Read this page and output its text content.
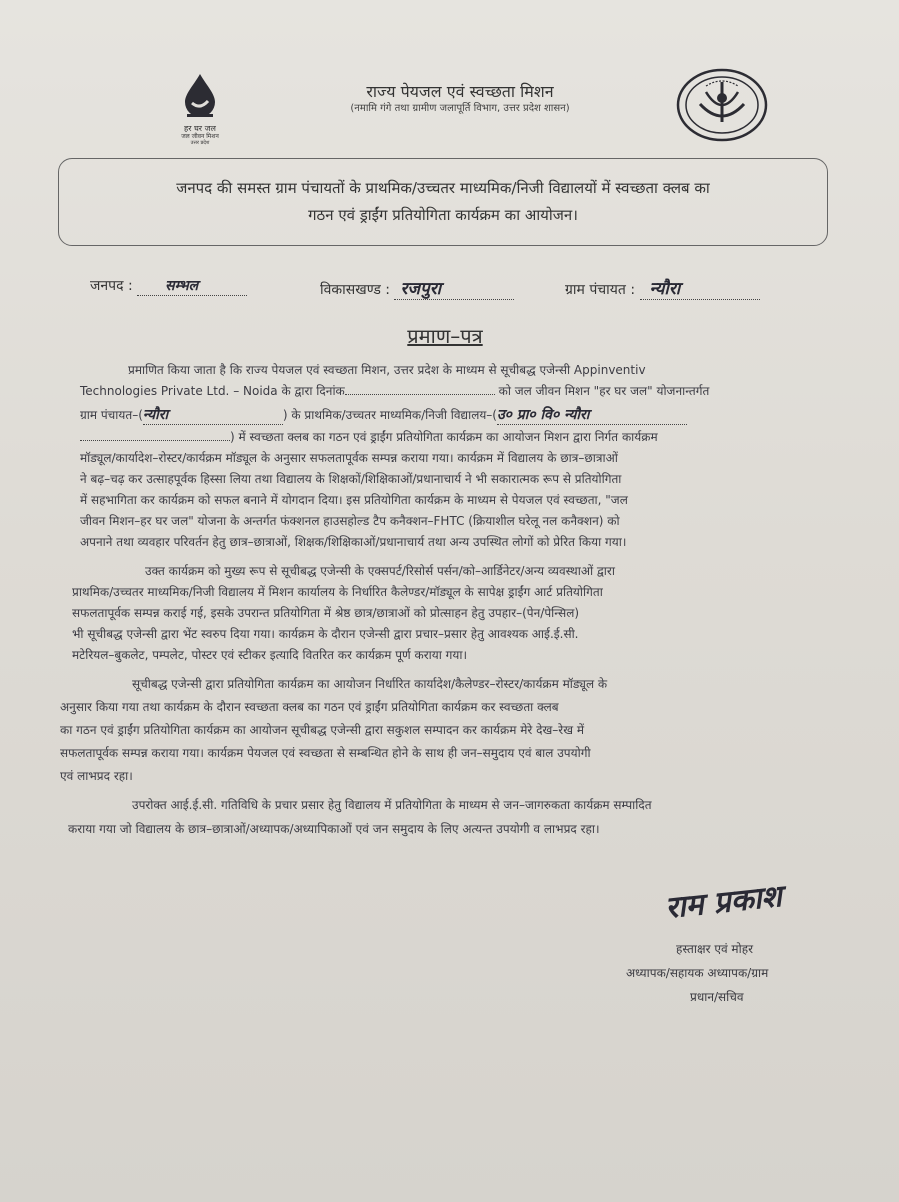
हर घर जल
जल जीवन मिशन
उत्तर प्रदेश
राज्य पेयजल एवं स्वच्छता मिशन
(नमामि गंगे तथा ग्रामीण जलापूर्ति विभाग, उत्तर प्रदेश शासन)
जनपद की समस्त ग्राम पंचायतों के प्राथमिक/उच्चतर माध्यमिक/निजी विद्यालयों में स्वच्छता क्लब का
गठन एवं ड्राईंग प्रतियोगिता कार्यक्रम का आयोजन।
जनपद : सम्भल	विकासखण्ड : रजपुरा	ग्राम पंचायत : न्यौरा
प्रमाण–पत्र
प्रमाणित किया जाता है कि राज्य पेयजल एवं स्वच्छता मिशन, उत्तर प्रदेश के माध्यम से सूचीबद्ध एजेन्सी Appinventiv
Technologies Private Ltd. – Noida के द्वारा दिनांक	को जल जीवन मिशन "हर घर जल" योजनान्तर्गत
ग्राम पंचायत–(न्यौरा	) के प्राथमिक/उच्चतर माध्यमिक/निजी विद्यालय–(उ० प्रा० वि० न्यौरा
) में स्वच्छता क्लब का गठन एवं ड्राईंग प्रतियोगिता कार्यक्रम का आयोजन मिशन द्वारा निर्गत कार्यक्रम
मॉड्यूल/कार्यादेश–रोस्टर/कार्यक्रम मॉड्यूल के अनुसार सफलतापूर्वक सम्पन्न कराया गया। कार्यक्रम में विद्यालय के छात्र–छात्राओं
ने बढ़–चढ़ कर उत्साहपूर्वक हिस्सा लिया तथा विद्यालय के शिक्षकों/शिक्षिकाओं/प्रधानाचार्य ने भी सकारात्मक रूप से प्रतियोगिता
में सहभागिता कर कार्यक्रम को सफल बनाने में योगदान दिया। इस प्रतियोगिता कार्यक्रम के माध्यम से पेयजल एवं स्वच्छता, "जल
जीवन मिशन–हर घर जल" योजना के अन्तर्गत फंक्शनल हाउसहोल्ड टैप कनैक्शन–FHTC (क्रियाशील घरेलू नल कनैक्शन) को
अपनाने तथा व्यवहार परिवर्तन हेतु छात्र–छात्राओं, शिक्षक/शिक्षिकाओं/प्रधानाचार्य तथा अन्य उपस्थित लोगों को प्रेरित किया गया।
उक्त कार्यक्रम को मुख्य रूप से सूचीबद्ध एजेन्सी के एक्सपर्ट/रिसोर्स पर्सन/को–आर्डिनेटर/अन्य व्यवस्थाओं द्वारा
प्राथमिक/उच्चतर माध्यमिक/निजी विद्यालय में मिशन कार्यालय के निर्धारित कैलेण्डर/मॉड्यूल के सापेक्ष ड्राईंग आर्ट प्रतियोगिता
सफलतापूर्वक सम्पन्न कराई गई, इसके उपरान्त प्रतियोगिता में श्रेष्ठ छात्र/छात्राओं को प्रोत्साहन हेतु उपहार–(पेन/पेन्सिल)
भी सूचीबद्ध एजेन्सी द्वारा भेंट स्वरुप दिया गया। कार्यक्रम के दौरान एजेन्सी द्वारा प्रचार–प्रसार हेतु आवश्यक आई.ई.सी.
मटेरियल–बुकलेट, पम्पलेट, पोस्टर एवं स्टीकर इत्यादि वितरित कर कार्यक्रम पूर्ण कराया गया।
सूचीबद्ध एजेन्सी द्वारा प्रतियोगिता कार्यक्रम का आयोजन निर्धारित कार्यादेश/कैलेण्डर–रोस्टर/कार्यक्रम मॉड्यूल के
अनुसार किया गया तथा कार्यक्रम के दौरान स्वच्छता क्लब का गठन एवं ड्राईंग प्रतियोगिता कार्यक्रम कर स्वच्छता क्लब
का गठन एवं ड्राईंग प्रतियोगिता कार्यक्रम का आयोजन सूचीबद्ध एजेन्सी द्वारा सकुशल सम्पादन कर कार्यक्रम मेरे देख–रेख में
सफलतापूर्वक सम्पन्न कराया गया। कार्यक्रम पेयजल एवं स्वच्छता से सम्बन्धित होने के साथ ही जन–समुदाय एवं बाल उपयोगी
एवं लाभप्रद रहा।
उपरोक्त आई.ई.सी. गतिविधि के प्रचार प्रसार हेतु विद्यालय में प्रतियोगिता के माध्यम से जन–जागरुकता कार्यक्रम सम्पादित
कराया गया जो विद्यालय के छात्र–छात्राओं/अध्यापक/अध्यापिकाओं एवं जन समुदाय के लिए अत्यन्त उपयोगी व लाभप्रद रहा।
राम प्रकाश
हस्ताक्षर एवं मोहर
अध्यापक/सहायक अध्यापक/ग्राम
प्रधान/सचिव
